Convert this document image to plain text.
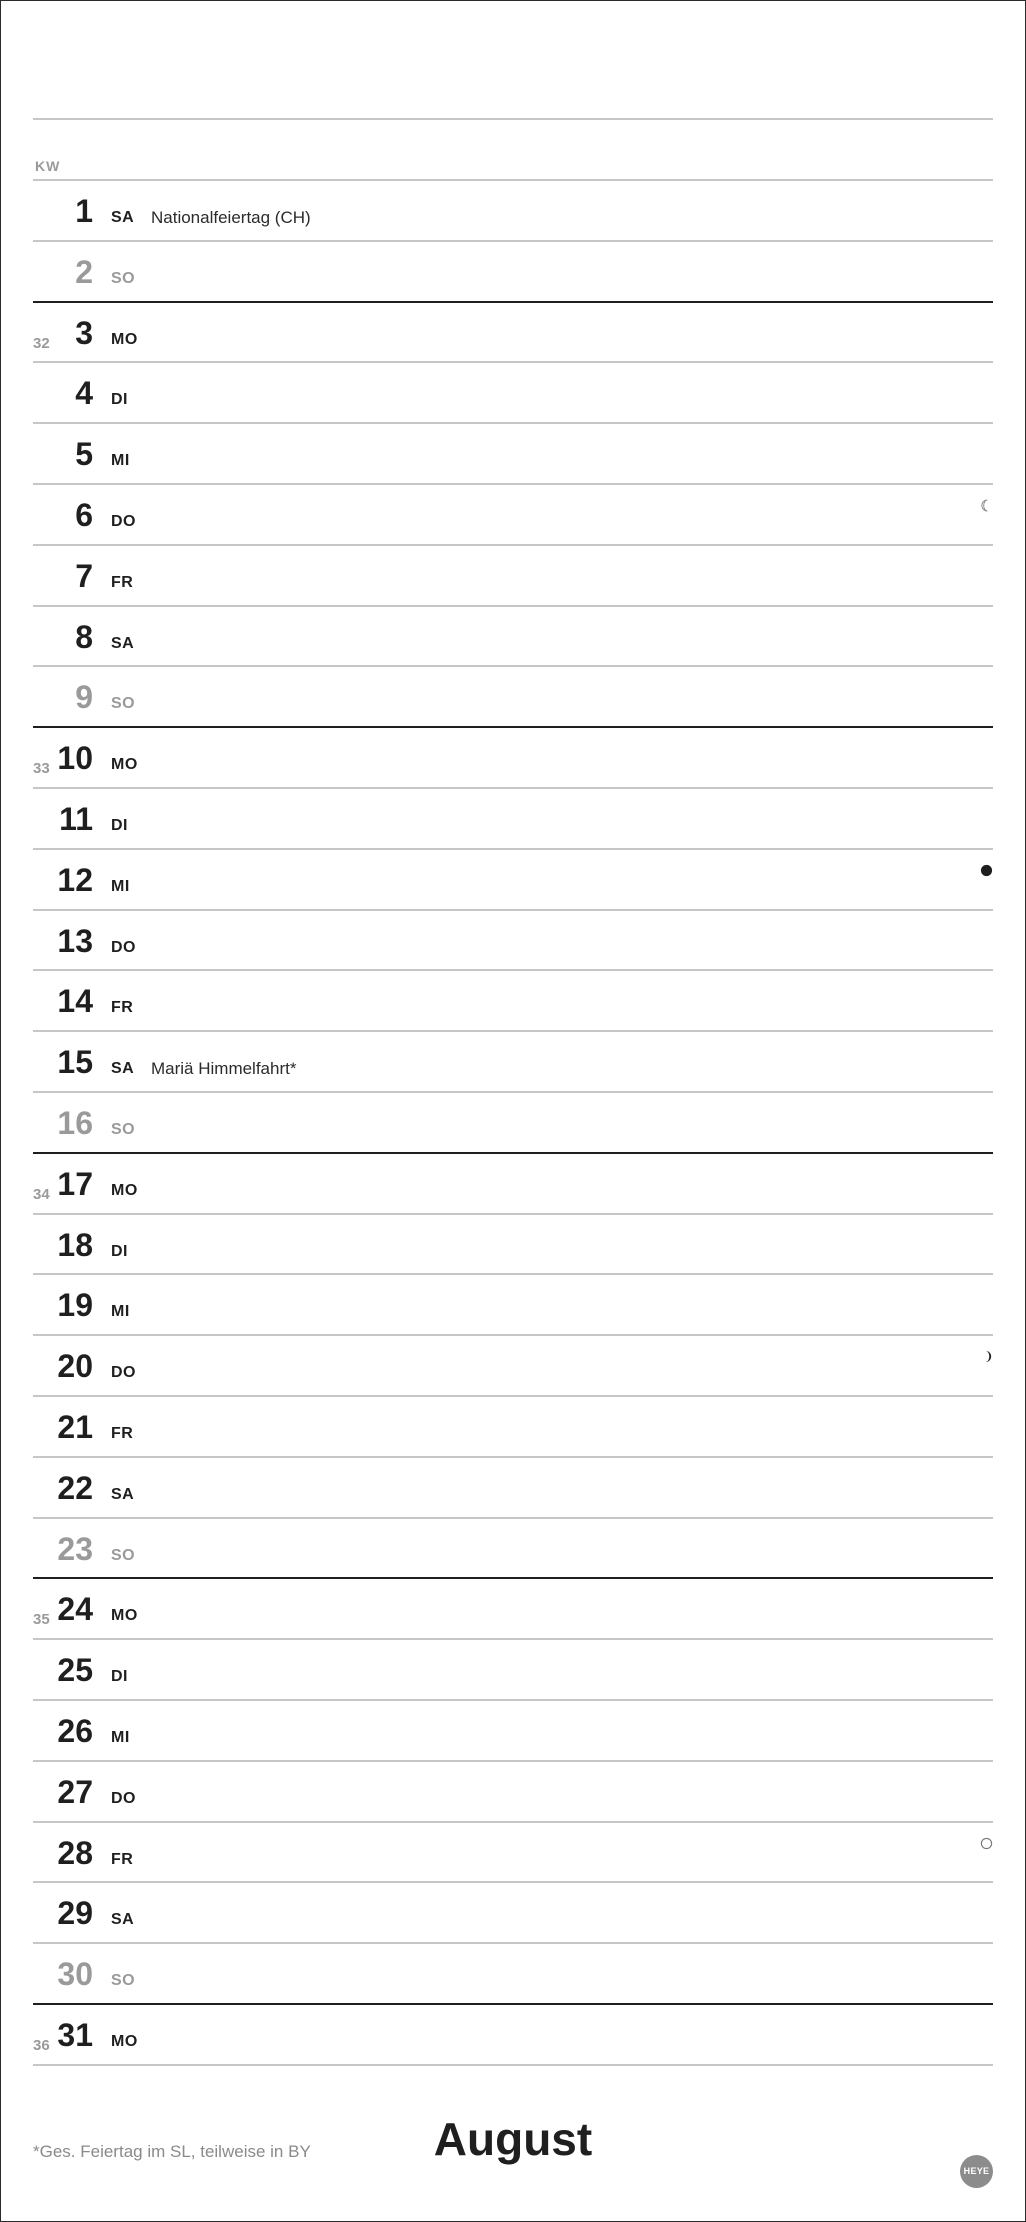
KW
1 SA Nationalfeiertag (CH)
2 SO
32 3 MO
4 DI
5 MI
6 DO
7 FR
8 SA
9 SO
33 10 MO
11 DI
12 MI
13 DO
14 FR
15 SA Mariä Himmelfahrt*
16 SO
34 17 MO
18 DI
19 MI
20 DO
21 FR
22 SA
23 SO
35 24 MO
25 DI
26 MI
27 DO
28 FR
29 SA
30 SO
36 31 MO
*Ges. Feiertag im SL, teilweise in BY	August
HEYE
